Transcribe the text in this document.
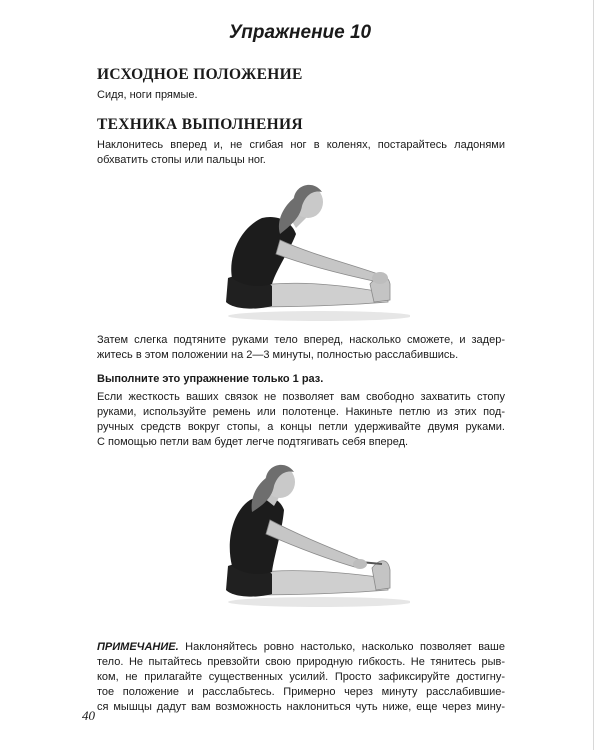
Упражнение 10
ИСХОДНОЕ ПОЛОЖЕНИЕ
Сидя, ноги прямые.
ТЕХНИКА ВЫПОЛНЕНИЯ
Наклонитесь вперед и, не сгибая ног в коленях, постарайтесь ладонями
обхватить стопы или пальцы ног.
Затем слегка подтяните руками тело вперед, насколько сможете, и задер-
житесь в этом положении на 2—3 минуты, полностью расслабившись.
Выполните это упражнение только 1 раз.
Если жесткость ваших связок не позволяет вам свободно захватить стопу
руками, используйте ремень или полотенце. Накиньте петлю из этих под-
ручных средств вокруг стопы, а концы петли удерживайте двумя руками.
С помощью петли вам будет легче подтягивать себя вперед.
ПРИМЕЧАНИЕ. Наклоняйтесь ровно настолько, насколько позволяет ваше
тело. Не пытайтесь превзойти свою природную гибкость. Не тянитесь рыв-
ком, не прилагайте существенных усилий. Просто зафиксируйте достигну-
тое положение и расслабьтесь. Примерно через минуту расслабившие-
ся мышцы дадут вам возможность наклониться чуть ниже, еще через мину-
40
